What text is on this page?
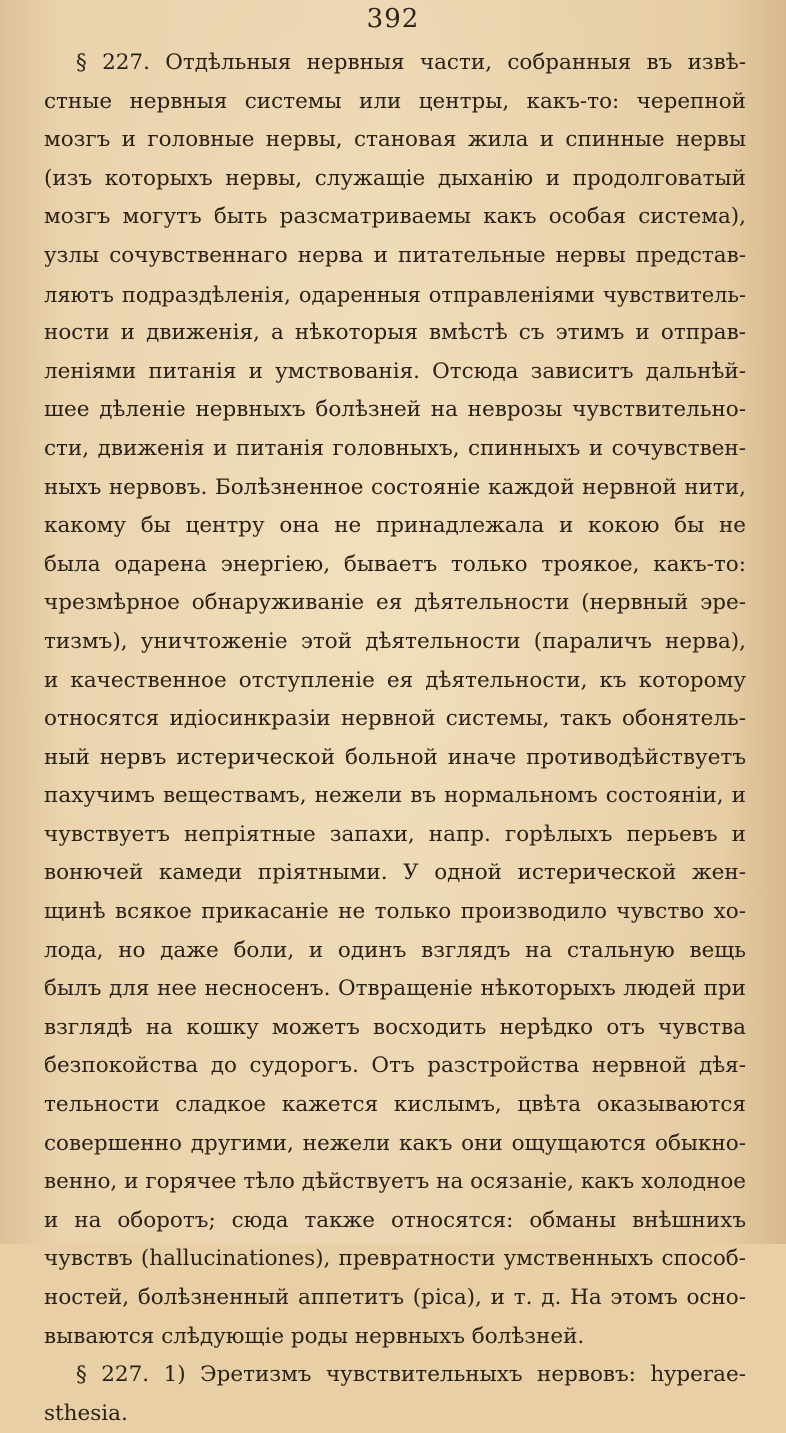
392
§ 227. Отдѣльныя нервныя части, собранныя въ извѣ-
стные нервныя системы или центры, какъ-то: черепной
мозгъ и головные нервы, становая жила и спинные нервы
(изъ которыхъ нервы, служащіе дыханію и продолговатый
мозгъ могутъ быть разсматриваемы какъ особая система),
узлы сочувственнаго нерва и питательные нервы представ-
ляютъ подраздѣленія, одаренныя отправленіями чувствитель-
ности и движенія, а нѣкоторыя вмѣстѣ съ этимъ и отправ-
леніями питанія и умствованія. Отсюда зависитъ дальнѣй-
шее дѣленіе нервныхъ болѣзней на неврозы чувствительно-
сти, движенія и питанія головныхъ, спинныхъ и сочувствен-
ныхъ нервовъ. Болѣзненное состояніе каждой нервной нити,
какому бы центру она не принадлежала и кокою бы не
была одарена энергіею, бываетъ только троякое, какъ-то:
чрезмѣрное обнаруживаніе ея дѣятельности (нервный эре-
тизмъ), уничтоженіе этой дѣятельности (параличъ нерва),
и качественное отступленіе ея дѣятельности, къ которому
относятся идіосинкразіи нервной системы, такъ обонятель-
ный нервъ истерической больной иначе противодѣйствуетъ
пахучимъ веществамъ, нежели въ нормальномъ состояніи, и
чувствуетъ непріятные запахи, напр. горѣлыхъ перьевъ и
вонючей камеди пріятными. У одной истерической жен-
щинѣ всякое прикасаніе не только производило чувство хо-
лода, но даже боли, и одинъ взглядъ на стальную вещь
былъ для нее несносенъ. Отвращеніе нѣкоторыхъ людей при
взглядѣ на кошку можетъ восходить нерѣдко отъ чувства
безпокойства до судорогъ. Отъ разстройства нервной дѣя-
тельности сладкое кажется кислымъ, цвѣта оказываются
совершенно другими, нежели какъ они ощущаются обыкно-
венно, и горячее тѣло дѣйствуетъ на осязаніе, какъ холодное
и на оборотъ; сюда также относятся: обманы внѣшнихъ
чувствъ (hallucinationes), превратности умственныхъ способ-
ностей, болѣзненный аппетитъ (pica), и т. д. На этомъ осно-
вываются слѣдующіе роды нервныхъ болѣзней.
§ 227. 1) Эретизмъ чувствительныхъ нервовъ: hyperae-
sthesia.
